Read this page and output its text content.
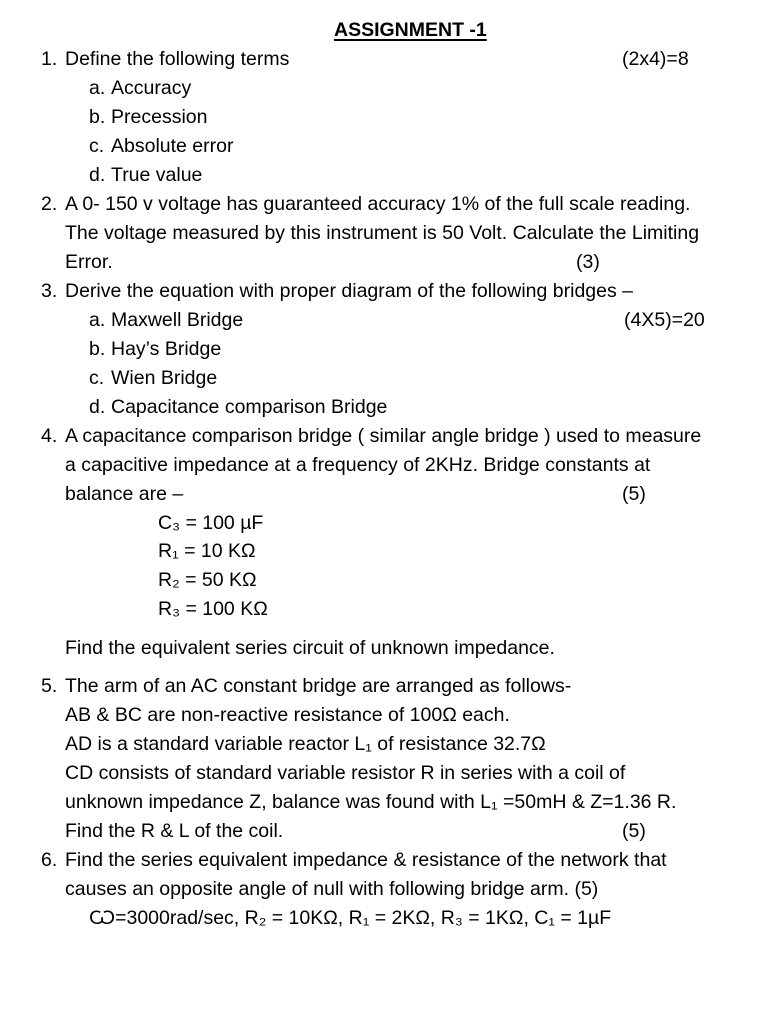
ASSIGNMENT -1
1. Define the following terms	(2x4)=8
a. Accuracy
b. Precession
c. Absolute error
d. True value
2. A 0- 150 v voltage has guaranteed accuracy 1% of the full scale reading.
The voltage measured by this instrument is 50 Volt. Calculate the Limiting
Error.	(3)
3. Derive the equation with proper diagram of the following bridges –
a. Maxwell Bridge	(4X5)=20
b. Hay’s Bridge
c. Wien Bridge
d. Capacitance comparison Bridge
4. A capacitance comparison bridge ( similar angle bridge ) used to measure
a capacitive impedance at a frequency of 2KHz. Bridge constants at
balance are –	(5)
C₃ = 100 µF
R₁ = 10 KΩ
R₂ = 50 KΩ
R₃ = 100 KΩ
Find the equivalent series circuit of unknown impedance.
5. The arm of an AC constant bridge are arranged as follows-
AB & BC are non-reactive resistance of 100Ω each.
AD is a standard variable reactor L₁ of resistance 32.7Ω
CD consists of standard variable resistor R in series with a coil of
unknown impedance Z, balance was found with L₁ =50mH & Z=1.36 R.
Find the R & L of the coil.	(5)
6. Find the series equivalent impedance & resistance of the network that
causes an opposite angle of null with following bridge arm. (5)
Ѡ=3000rad/sec, R₂ = 10KΩ, R₁ = 2KΩ, R₃ = 1KΩ, C₁ = 1µF
